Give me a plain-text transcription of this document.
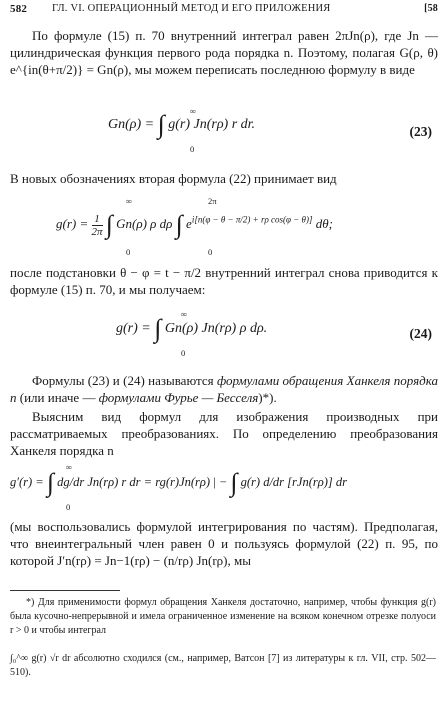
582 ГЛ. VI. ОПЕРАЦИОННЫЙ МЕТОД И ЕГО ПРИЛОЖЕНИЯ	[58
По формуле (15) п. 70 внутренний интеграл равен 2πJn(ρ), где Jn — цилиндрическая функция первого рода порядка n. Поэтому, полагая G(ρ, θ) e^{in(θ+π/2)} = Gn(ρ), мы можем переписать последнюю формулу в виде
Gn(ρ) = ∫ g(r) Jn(rρ) r dr.
∞
0
(23)
В новых обозначениях вторая формула (22) принимает вид
$g(r) = \frac{1}{2\pi}$ ∫ Gn(ρ) ρ dρ ∫ $e^{i[n(\varphi - \theta - \pi/2) + r\rho cos(\varphi - \theta)]}$ dθ;
∞
0
2π
0
после подстановки θ − φ = t − π/2 внутренний интеграл снова приводится к формуле (15) п. 70, и мы получаем:
g(r) = ∫ Gn(ρ) Jn(rρ) ρ dρ.
∞
0
(24)
Формулы (23) и (24) называются формулами обращения Ханкеля порядка n (или иначе — формулами Фурье — Бесселя)*).
Выясним вид формул для изображения производных при рассматриваемых преобразованиях. По определению преобразования Ханкеля порядка n
g′(r) = ∫ dg/dr Jn(rρ) r dr = rg(r)Jn(rρ) | − ∫ g(r) d/dr [rJn(rρ)] dr
∞
0
(мы воспользовались формулой интегрирования по частям). Предполагая, что внеинтегральный член равен 0 и пользуясь формулой (22) п. 95, по которой J′n(rρ) = Jn−1(rρ) − (n/rρ) Jn(rρ), мы
*) Для применимости формул обращения Ханкеля достаточно, например, чтобы функция g(r) была кусочно-непрерывной и имела ограниченное изменение на всяком конечном отрезке полуоси r > 0 и чтобы интеграл
∫₀^∞ g(r) √r dr абсолютно сходился (см., например, Ватсон [7] из литературы к гл. VII, стр. 502—510).
